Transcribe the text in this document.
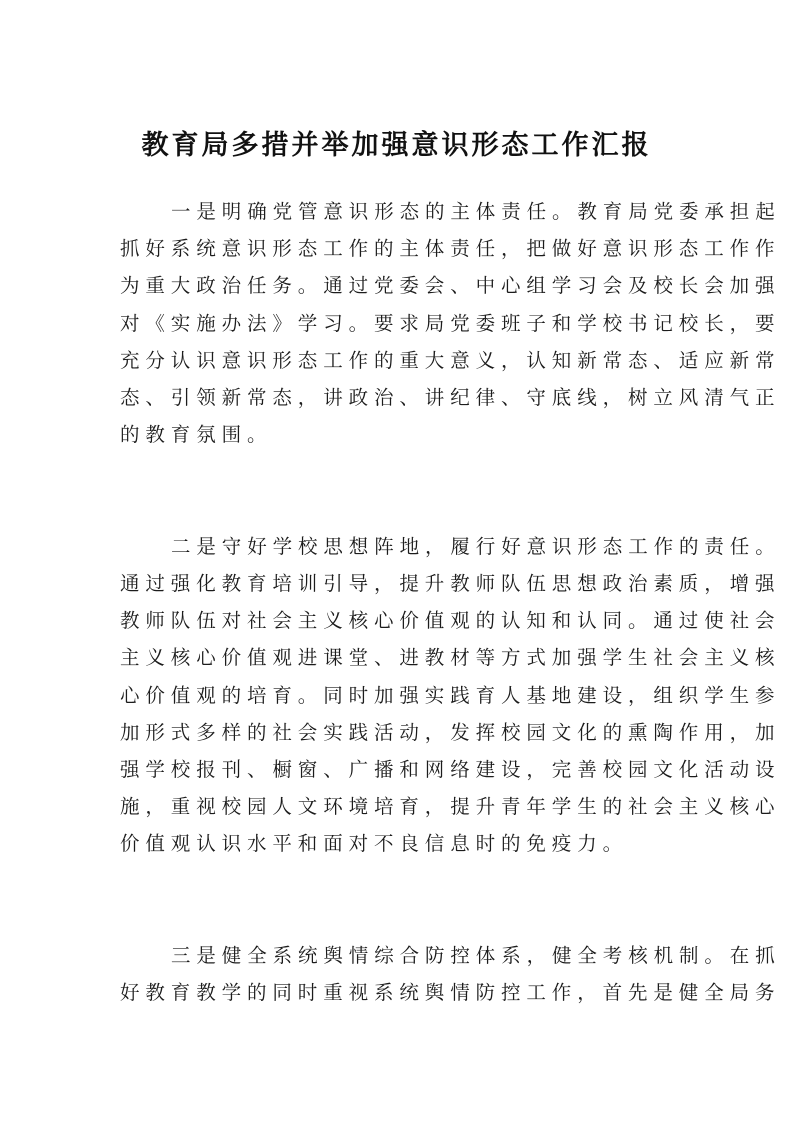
教育局多措并举加强意识形态工作汇报
一是明确党管意识形态的主体责任。教育局党委承担起
抓好系统意识形态工作的主体责任，把做好意识形态工作作
为重大政治任务。通过党委会、中心组学习会及校长会加强
对《实施办法》学习。要求局党委班子和学校书记校长，要
充分认识意识形态工作的重大意义，认知新常态、适应新常
态、引领新常态，讲政治、讲纪律、守底线，树立风清气正
的教育氛围。
二是守好学校思想阵地，履行好意识形态工作的责任。
通过强化教育培训引导，提升教师队伍思想政治素质，增强
教师队伍对社会主义核心价值观的认知和认同。通过使社会
主义核心价值观进课堂、进教材等方式加强学生社会主义核
心价值观的培育。同时加强实践育人基地建设，组织学生参
加形式多样的社会实践活动，发挥校园文化的熏陶作用，加
强学校报刊、橱窗、广播和网络建设，完善校园文化活动设
施，重视校园人文环境培育，提升青年学生的社会主义核心
价值观认识水平和面对不良信息时的免疫力。
三是健全系统舆情综合防控体系，健全考核机制。在抓
好教育教学的同时重视系统舆情防控工作，首先是健全局务
